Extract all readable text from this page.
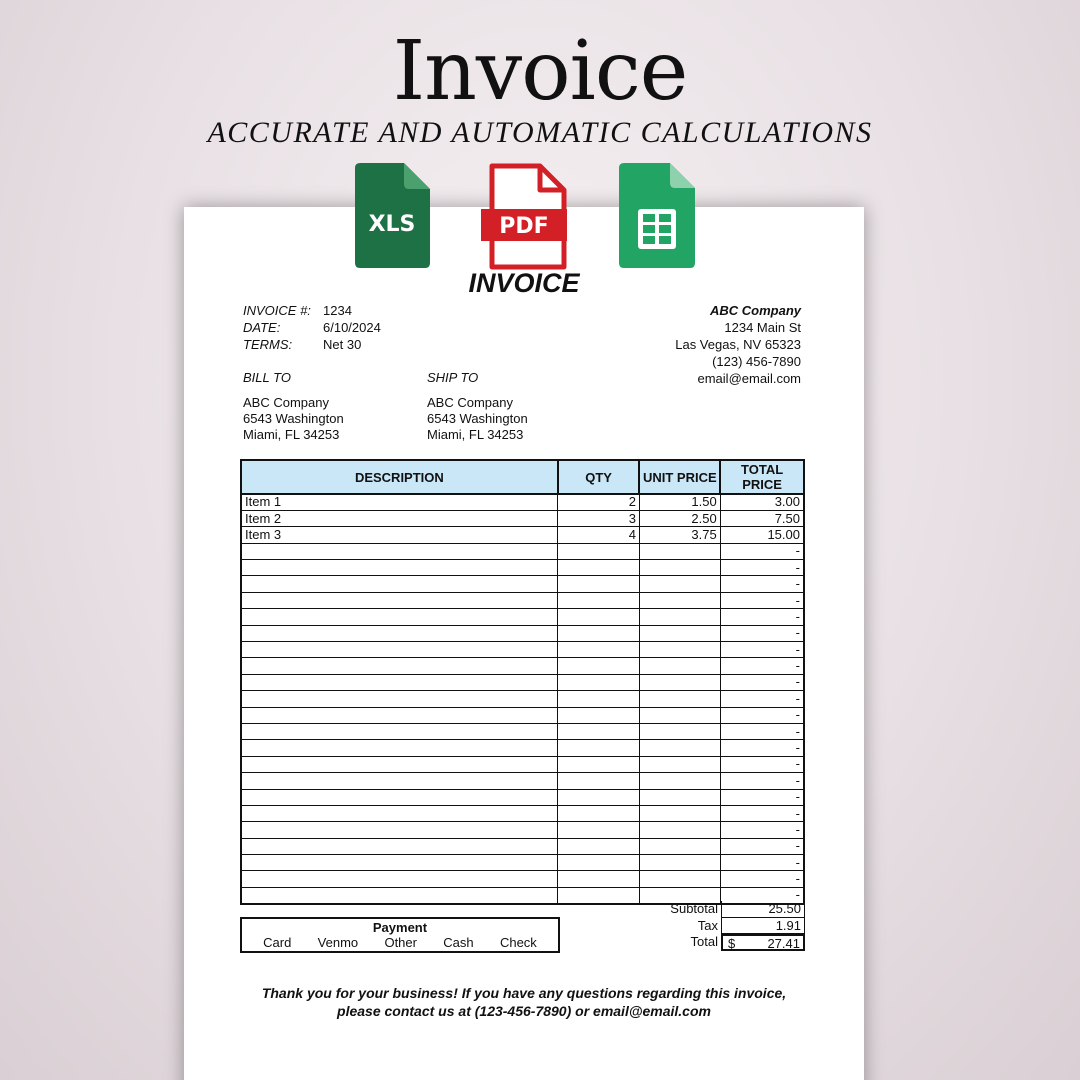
Invoice
ACCURATE AND AUTOMATIC CALCULATIONS
XLS	PDF
INVOICE
INVOICE #: 1234
DATE:	6/10/2024
TERMS: Net 30
ABC Company
1234 Main St
Las Vegas, NV 65323
(123) 456-7890
email@email.com
BILL TO
ABC Company
6543 Washington
Miami, FL 34253
SHIP TO
ABC Company
6543 Washington
Miami, FL 34253
DESCRIPTION	QTY	UNIT PRICE	TOTAL PRICE
Item 1	2	1.50	3.00
Item 2	3	2.50	7.50
Item 3	4	3.75	15.00
			-
			-
			-
			-
			-
			-
			-
			-
			-
			-
			-
			-
			-
			-
			-
			-
			-
			-
			-
			-
			-
			-
Payment
Card Venmo Other Cash Check
Subtotal	25.50
Tax	1.91
Total $ 27.41
Thank you for your business! If you have any questions regarding this invoice,
please contact us at (123-456-7890) or email@email.com
